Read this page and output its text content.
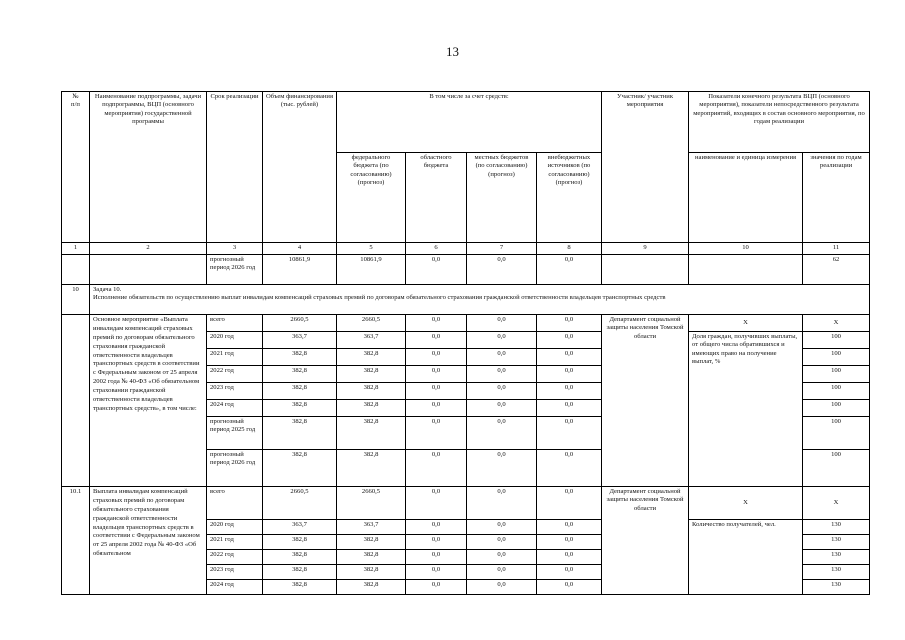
13
№
п/п	Наименование подпрограммы, задачи подпрограммы, ВЦП (основного мероприятия) государственной программы	Срок реализации	Объем финансирования (тыс. рублей)	В том числе за счет средств:				Участник/ участник мероприятия	Показатели конечного результата ВЦП (основного мероприятия), показатели непосредственного результата мероприятий, входящих в состав основного мероприятия, по годам реализации	
				федерального бюджета (по согласованию) (прогноз)	областного бюджета	местных бюджетов (по согласованию) (прогноз)	внебюджетных источников (по согласованию) (прогноз)		наименование и единица измерения	значения по годам реализации
1	2	3	4	5	6	7	8	9	10	11
		прогнозный период 2026 год	10861,9	10861,9	0,0	0,0	0,0			62
10	Задача 10.
Исполнение обязательств по осуществлению выплат инвалидам компенсаций страховых премий по договорам обязательного страхования гражданской ответственности владельцев транспортных средств									

	Основное мероприятие «Выплата инвалидам компенсаций страховых премий по договорам обязательного страхования гражданской ответственности владельцев транспортных средств в соответствии с Федеральным законом от 25 апреля 2002 года № 40-ФЗ «Об обязательном страховании гражданской ответственности владельцев транспортных средств», в том числе:	всего	2660,5	2660,5	0,0	0,0	0,0	Департамент социальной защиты населения Томской области	X	X
		2020 год	363,7	363,7	0,0	0,0	0,0		Доля граждан, получивших выплаты, от общего числа обратившихся и имеющих право на получение выплат, %	100
		2021 год	382,8	382,8	0,0	0,0	0,0			100
		2022 год	382,8	382,8	0,0	0,0	0,0			100
		2023 год	382,8	382,8	0,0	0,0	0,0			100
		2024 год	382,8	382,8	0,0	0,0	0,0			100
		прогнозный период 2025 год	382,8	382,8	0,0	0,0	0,0			100
		прогнозный период 2026 год	382,8	382,8	0,0	0,0	0,0			100
10.1	Выплата инвалидам компенсаций страховых премий по договорам обязательного страхования гражданской ответственности владельцев транспортных средств в соответствии с Федеральным законом от 25 апреля 2002 года № 40-ФЗ «Об обязательном	всего	2660,5	2660,5	0,0	0,0	0,0	Департамент социальной защиты населения Томской области	X	X
		2020 год	363,7	363,7	0,0	0,0	0,0		Количество получателей, чел.	130
		2021 год	382,8	382,8	0,0	0,0	0,0			130
		2022 год	382,8	382,8	0,0	0,0	0,0			130
		2023 год	382,8	382,8	0,0	0,0	0,0			130
		2024 год	382,8	382,8	0,0	0,0	0,0			130
